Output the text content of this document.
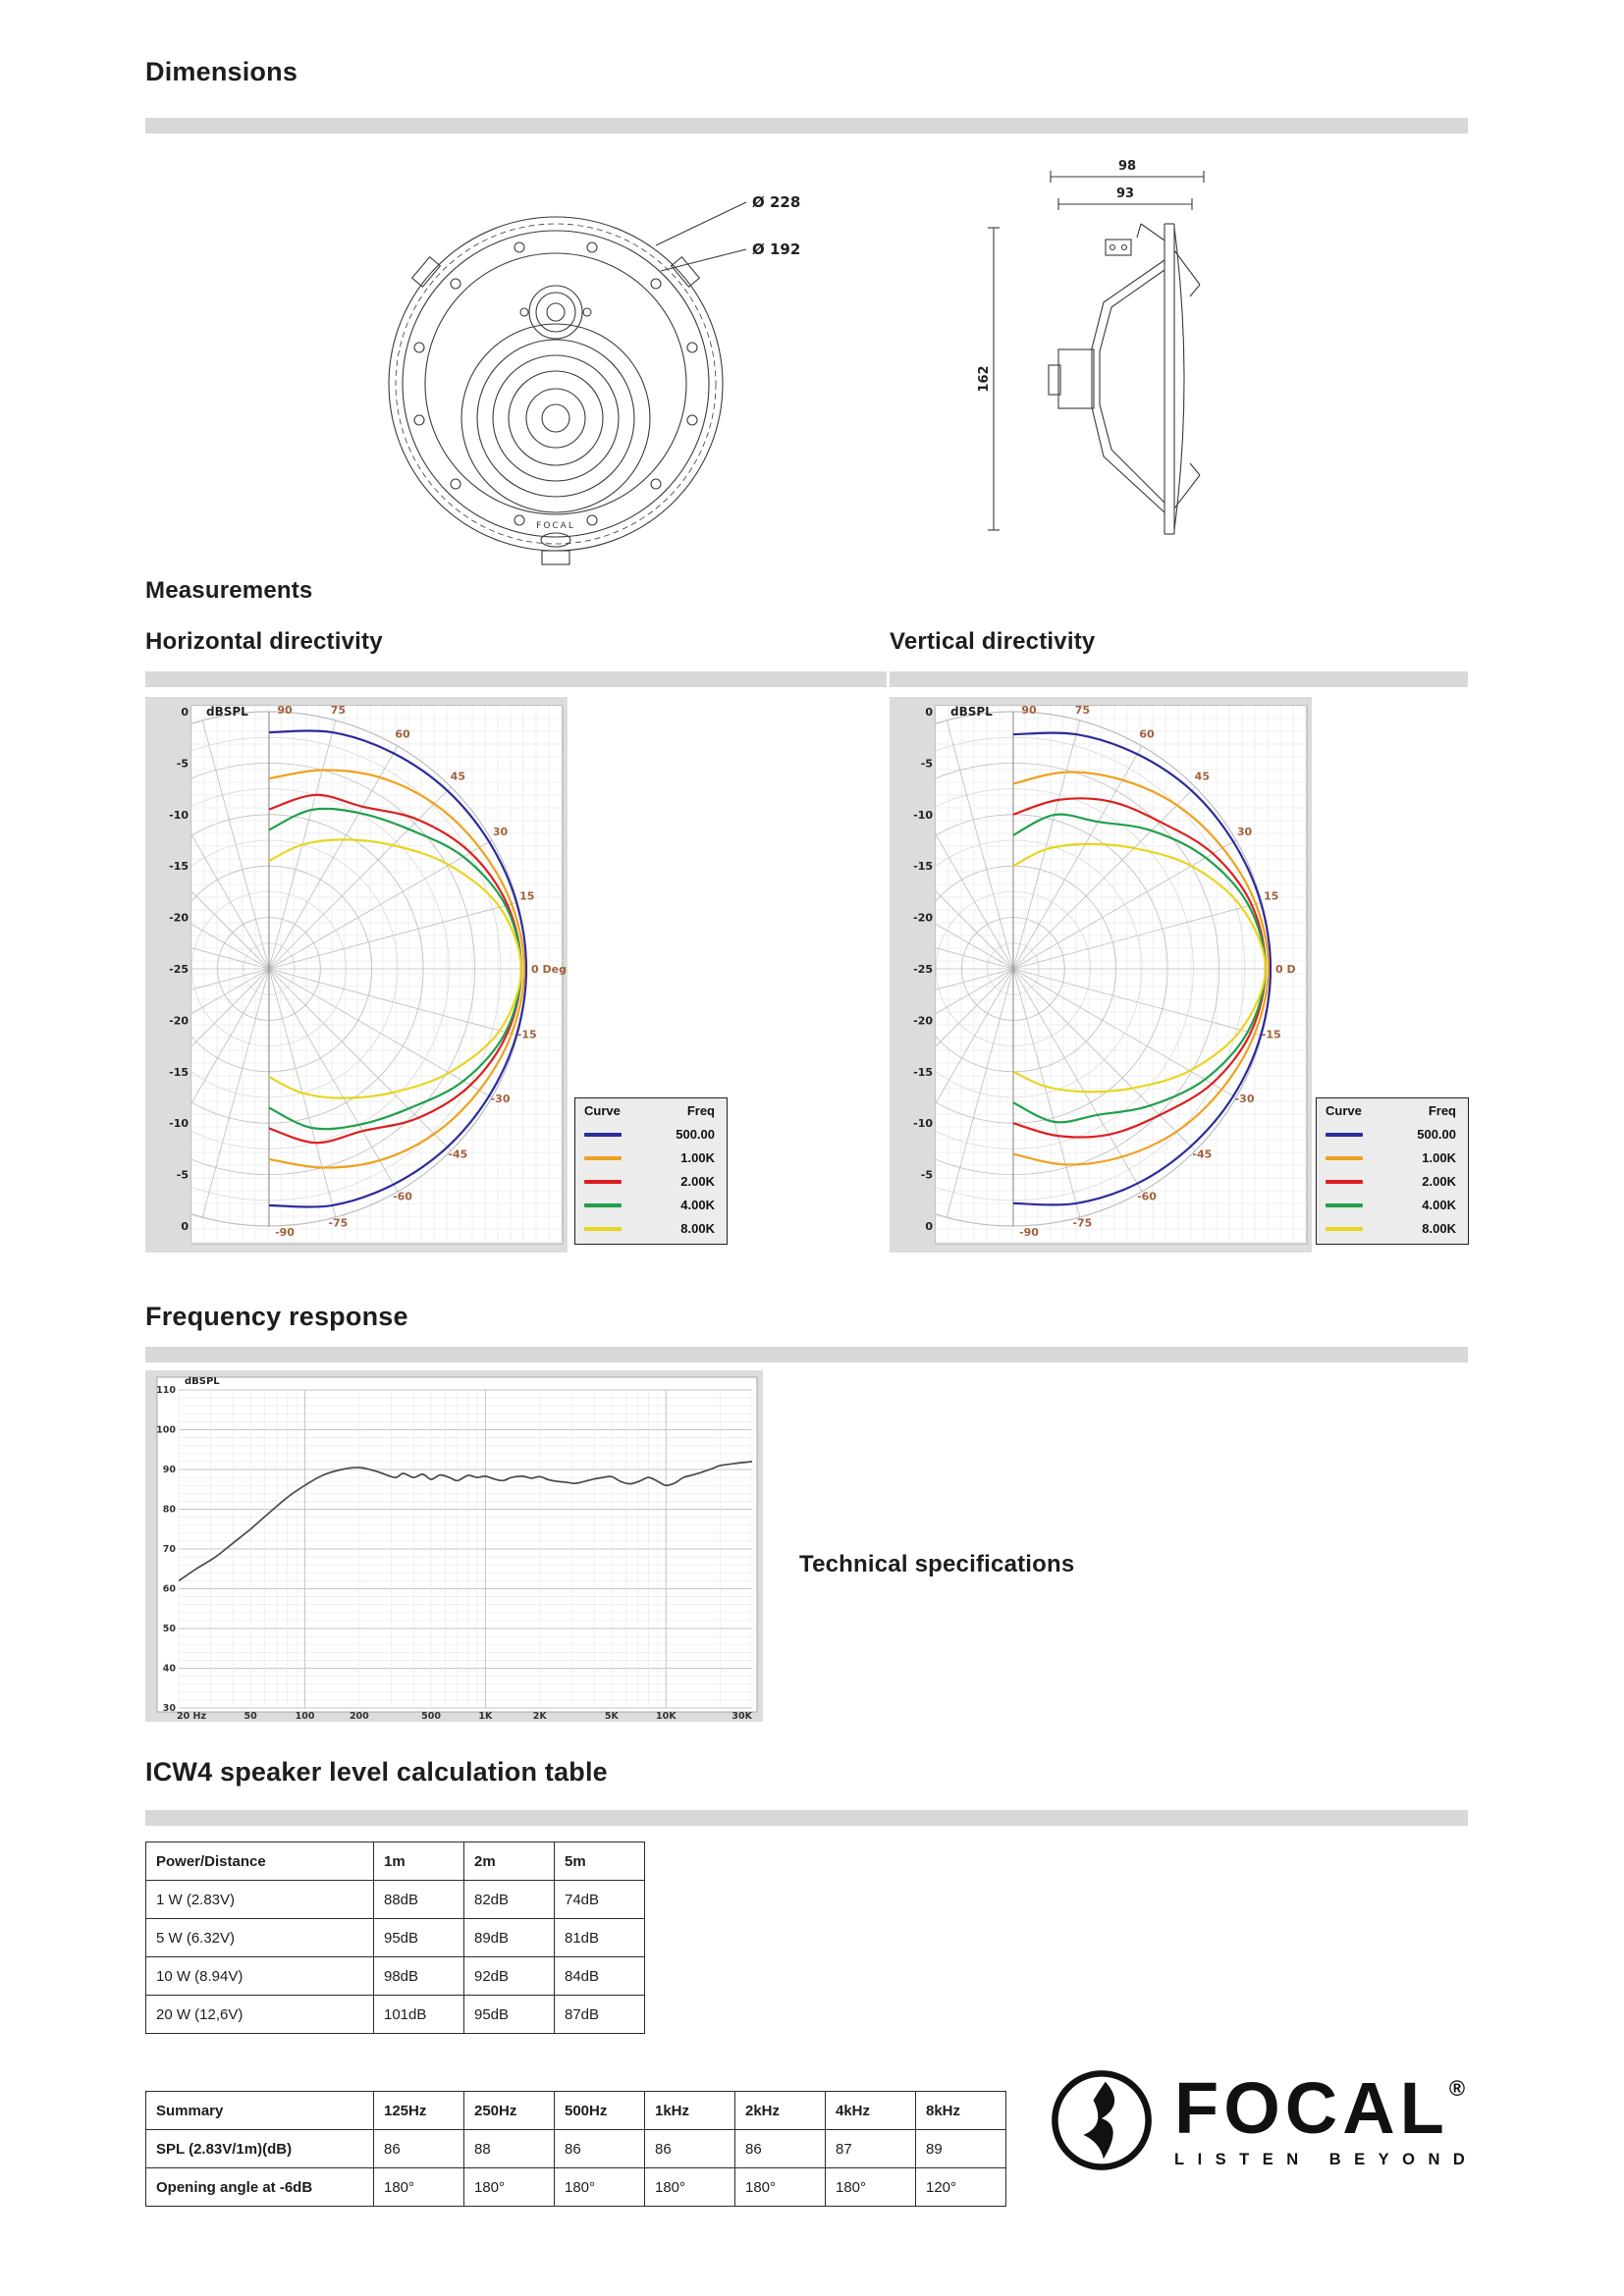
Dimensions
FOCAL
Ø 228
Ø 192
98
93
162
Measurements
Horizontal directivity	Vertical directivity
dBSPL
0
-5
-10
-15
-20
-25
-20
-15
-10
-5
0
90	75
60
45
30
15
0 Deg
-15
-30
-45
-60
-75
-90
dBSPL
0
-5
-10
-15
-20
-25
-20
-15
-10
-5
0
90	75
60
45
30
15
0 D
-15
-30
-45
-60
-75
-90
Curve	Freq
500.00
1.00K
2.00K
4.00K
8.00K
Curve	Freq
500.00
1.00K
2.00K
4.00K
8.00K
Frequency response
dBSPL
110
100
90
80
70
60
50
40
30
20 Hz	50	100	200	500	1K	2K	5K	10K	30K
Technical specifications
ICW4 speaker level calculation table
Power/Distance	1m	2m	5m
1 W (2.83V)	88dB	82dB	74dB
5 W (6.32V)	95dB	89dB	81dB
10 W (8.94V)	98dB	92dB	84dB
20 W (12,6V)	101dB	95dB	87dB
Summary	125Hz	250Hz	500Hz	1kHz	2kHz	4kHz	8kHz
SPL (2.83V/1m)(dB)	86	88	86	86	86	87	89
Opening angle at -6dB	180°	180°	180°	180°	180°	180°	120°
FOCAL®
LISTEN BEYOND
